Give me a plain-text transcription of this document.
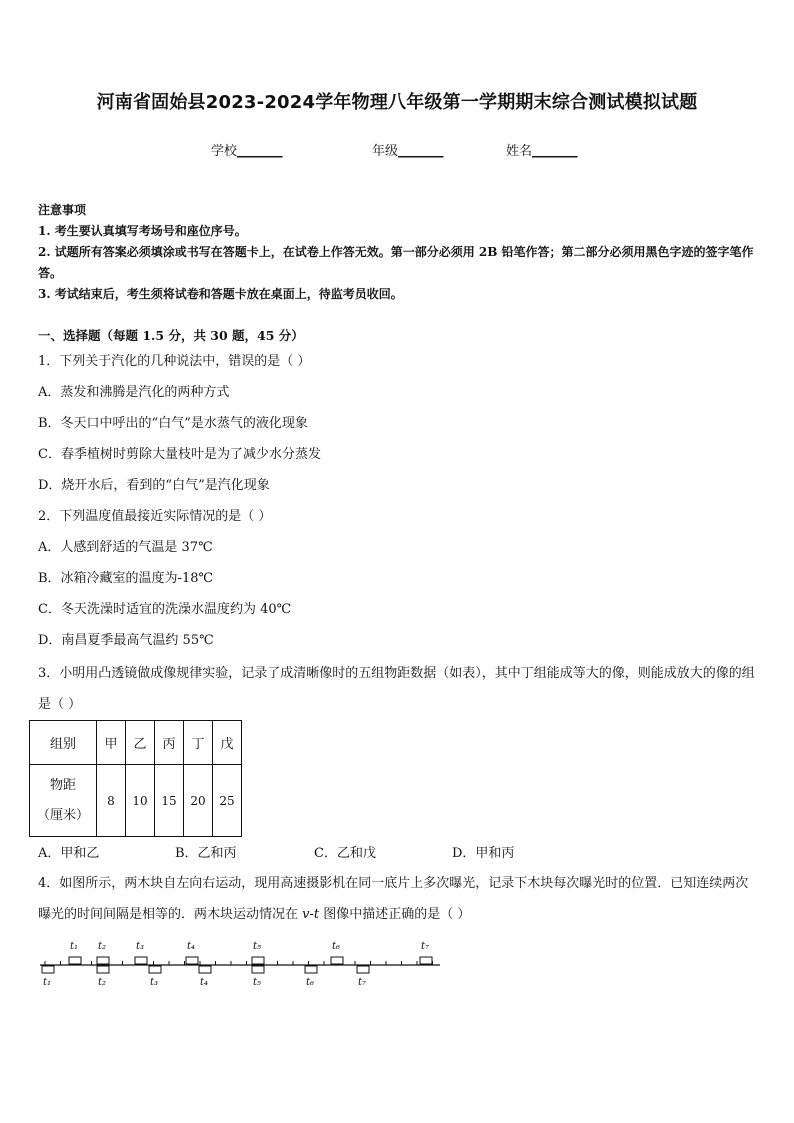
河南省固始县2023-2024学年物理八年级第一学期期末综合测试模拟试题
学校_______	年级_______	姓名_______
注意事项
1. 考生要认真填写考场号和座位序号。
2. 试题所有答案必须填涂或书写在答题卡上，在试卷上作答无效。第一部分必须用 2B 铅笔作答；第二部分必须用黑色字迹的签字笔作答。
3. 考试结束后，考生须将试卷和答题卡放在桌面上，待监考员收回。
一、选择题（每题 1.5 分，共 30 题，45 分）
1．下列关于汽化的几种说法中，错误的是（ ）
A．蒸发和沸腾是汽化的两种方式
B．冬天口中呼出的“白气”是水蒸气的液化现象
C．春季植树时剪除大量枝叶是为了减少水分蒸发
D．烧开水后，看到的“白气”是汽化现象
2．下列温度值最接近实际情况的是（ ）
A．人感到舒适的气温是 37℃
B．冰箱冷藏室的温度为-18℃
C．冬天洗澡时适宜的洗澡水温度约为 40℃
D．南昌夏季最高气温约 55℃
3．小明用凸透镜做成像规律实验，记录了成清晰像时的五组物距数据（如表），其中丁组能成等大的像，则能成放大的像的组是（ ）
组别	甲	乙	丙	丁	戊

物距
（厘米）	8	10	15	20	25
A．甲和乙	B．乙和丙	C．乙和戊	D．甲和丙
4．如图所示，两木块自左向右运动，现用高速摄影机在同一底片上多次曝光，记录下木块每次曝光时的位置．已知连续两次曝光的时间间隔是相等的．两木块运动情况在 v-t 图像中描述正确的是（ ）
t₁ t₂	t₃	t₄	t₅	t₆	t₇
t₁	t₂	t₃	t₄	t₅	t₆	t₇
